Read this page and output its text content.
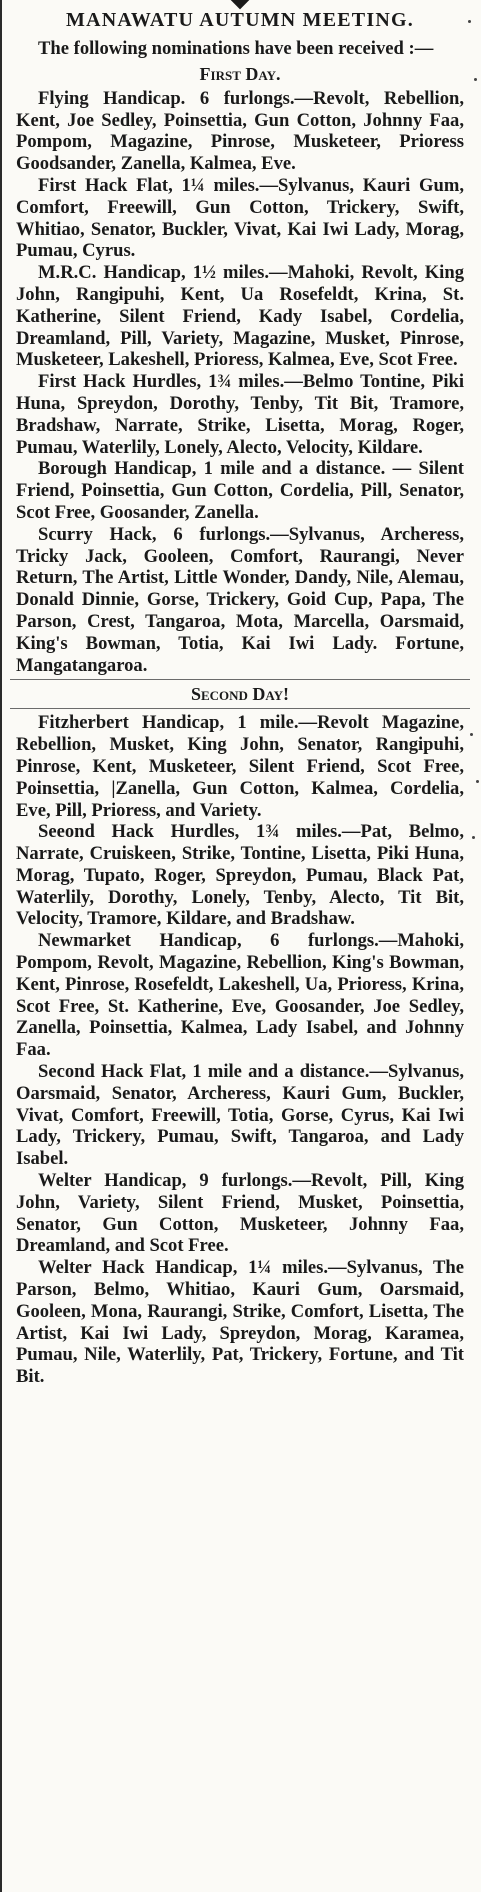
MANAWATU AUTUMN MEETING.

The following nominations have been received :—

First Day.

Flying Handicap. 6 furlongs.—Revolt, Rebellion, Kent, Joe Sedley, Poinsettia, Gun Cotton, Johnny Faa, Pompom, Magazine, Pinrose, Musketeer, Prioress Goodsander, Zanella, Kalmea, Eve.

First Hack Flat, 1¼ miles.—Sylvanus, Kauri Gum, Comfort, Freewill, Gun Cotton, Trickery, Swift, Whitiao, Senator, Buckler, Vivat, Kai Iwi Lady, Morag, Pumau, Cyrus.

M.R.C. Handicap, 1½ miles.—Mahoki, Revolt, King John, Rangipuhi, Kent, Ua Rosefeldt, Krina, St. Katherine, Silent Friend, Kady Isabel, Cordelia, Dreamland, Pill, Variety, Magazine, Musket, Pinrose, Musketeer, Lakeshell, Prioress, Kalmea, Eve, Scot Free.

First Hack Hurdles, 1¾ miles.—Belmo Tontine, Piki Huna, Spreydon, Dorothy, Tenby, Tit Bit, Tramore, Bradshaw, Narrate, Strike, Lisetta, Morag, Roger, Pumau, Waterlily, Lonely, Alecto, Velocity, Kildare.

Borough Handicap, 1 mile and a distance. — Silent Friend, Poinsettia, Gun Cotton, Cordelia, Pill, Senator, Scot Free, Goosander, Zanella.

Scurry Hack, 6 furlongs.—Sylvanus, Archeress, Tricky Jack, Gooleen, Comfort, Raurangi, Never Return, The Artist, Little Wonder, Dandy, Nile, Alemau, Donald Dinnie, Gorse, Trickery, Goid Cup, Papa, The Parson, Crest, Tangaroa, Mota, Marcella, Oarsmaid, King's Bowman, Totia, Kai Iwi Lady. Fortune, Mangatangaroa.

Second Day!

Fitzherbert Handicap, 1 mile.—Revolt Magazine, Rebellion, Musket, King John, Senator, Rangipuhi, Pinrose, Kent, Musketeer, Silent Friend, Scot Free, Poinsettia, |Zanella, Gun Cotton, Kalmea, Cordelia, Eve, Pill, Prioress, and Variety.

Seeond Hack Hurdles, 1¾ miles.—Pat, Belmo, Narrate, Cruiskeen, Strike, Tontine, Lisetta, Piki Huna, Morag, Tupato, Roger, Spreydon, Pumau, Black Pat, Waterlily, Dorothy, Lonely, Tenby, Alecto, Tit Bit, Velocity, Tramore, Kildare, and Bradshaw.

Newmarket Handicap, 6 furlongs.—Mahoki, Pompom, Revolt, Magazine, Rebellion, King's Bowman, Kent, Pinrose, Rosefeldt, Lakeshell, Ua, Prioress, Krina, Scot Free, St. Katherine, Eve, Goosander, Joe Sedley, Zanella, Poinsettia, Kalmea, Lady Isabel, and Johnny Faa.

Second Hack Flat, 1 mile and a distance.—Sylvanus, Oarsmaid, Senator, Archeress, Kauri Gum, Buckler, Vivat, Comfort, Freewill, Totia, Gorse, Cyrus, Kai Iwi Lady, Trickery, Pumau, Swift, Tangaroa, and Lady Isabel.

Welter Handicap, 9 furlongs.—Revolt, Pill, King John, Variety, Silent Friend, Musket, Poinsettia, Senator, Gun Cotton, Musketeer, Johnny Faa, Dreamland, and Scot Free.

Welter Hack Handicap, 1¼ miles.—Sylvanus, The Parson, Belmo, Whitiao, Kauri Gum, Oarsmaid, Gooleen, Mona, Raurangi, Strike, Comfort, Lisetta, The Artist, Kai Iwi Lady, Spreydon, Morag, Karamea, Pumau, Nile, Waterlily, Pat, Trickery, Fortune, and Tit Bit.
